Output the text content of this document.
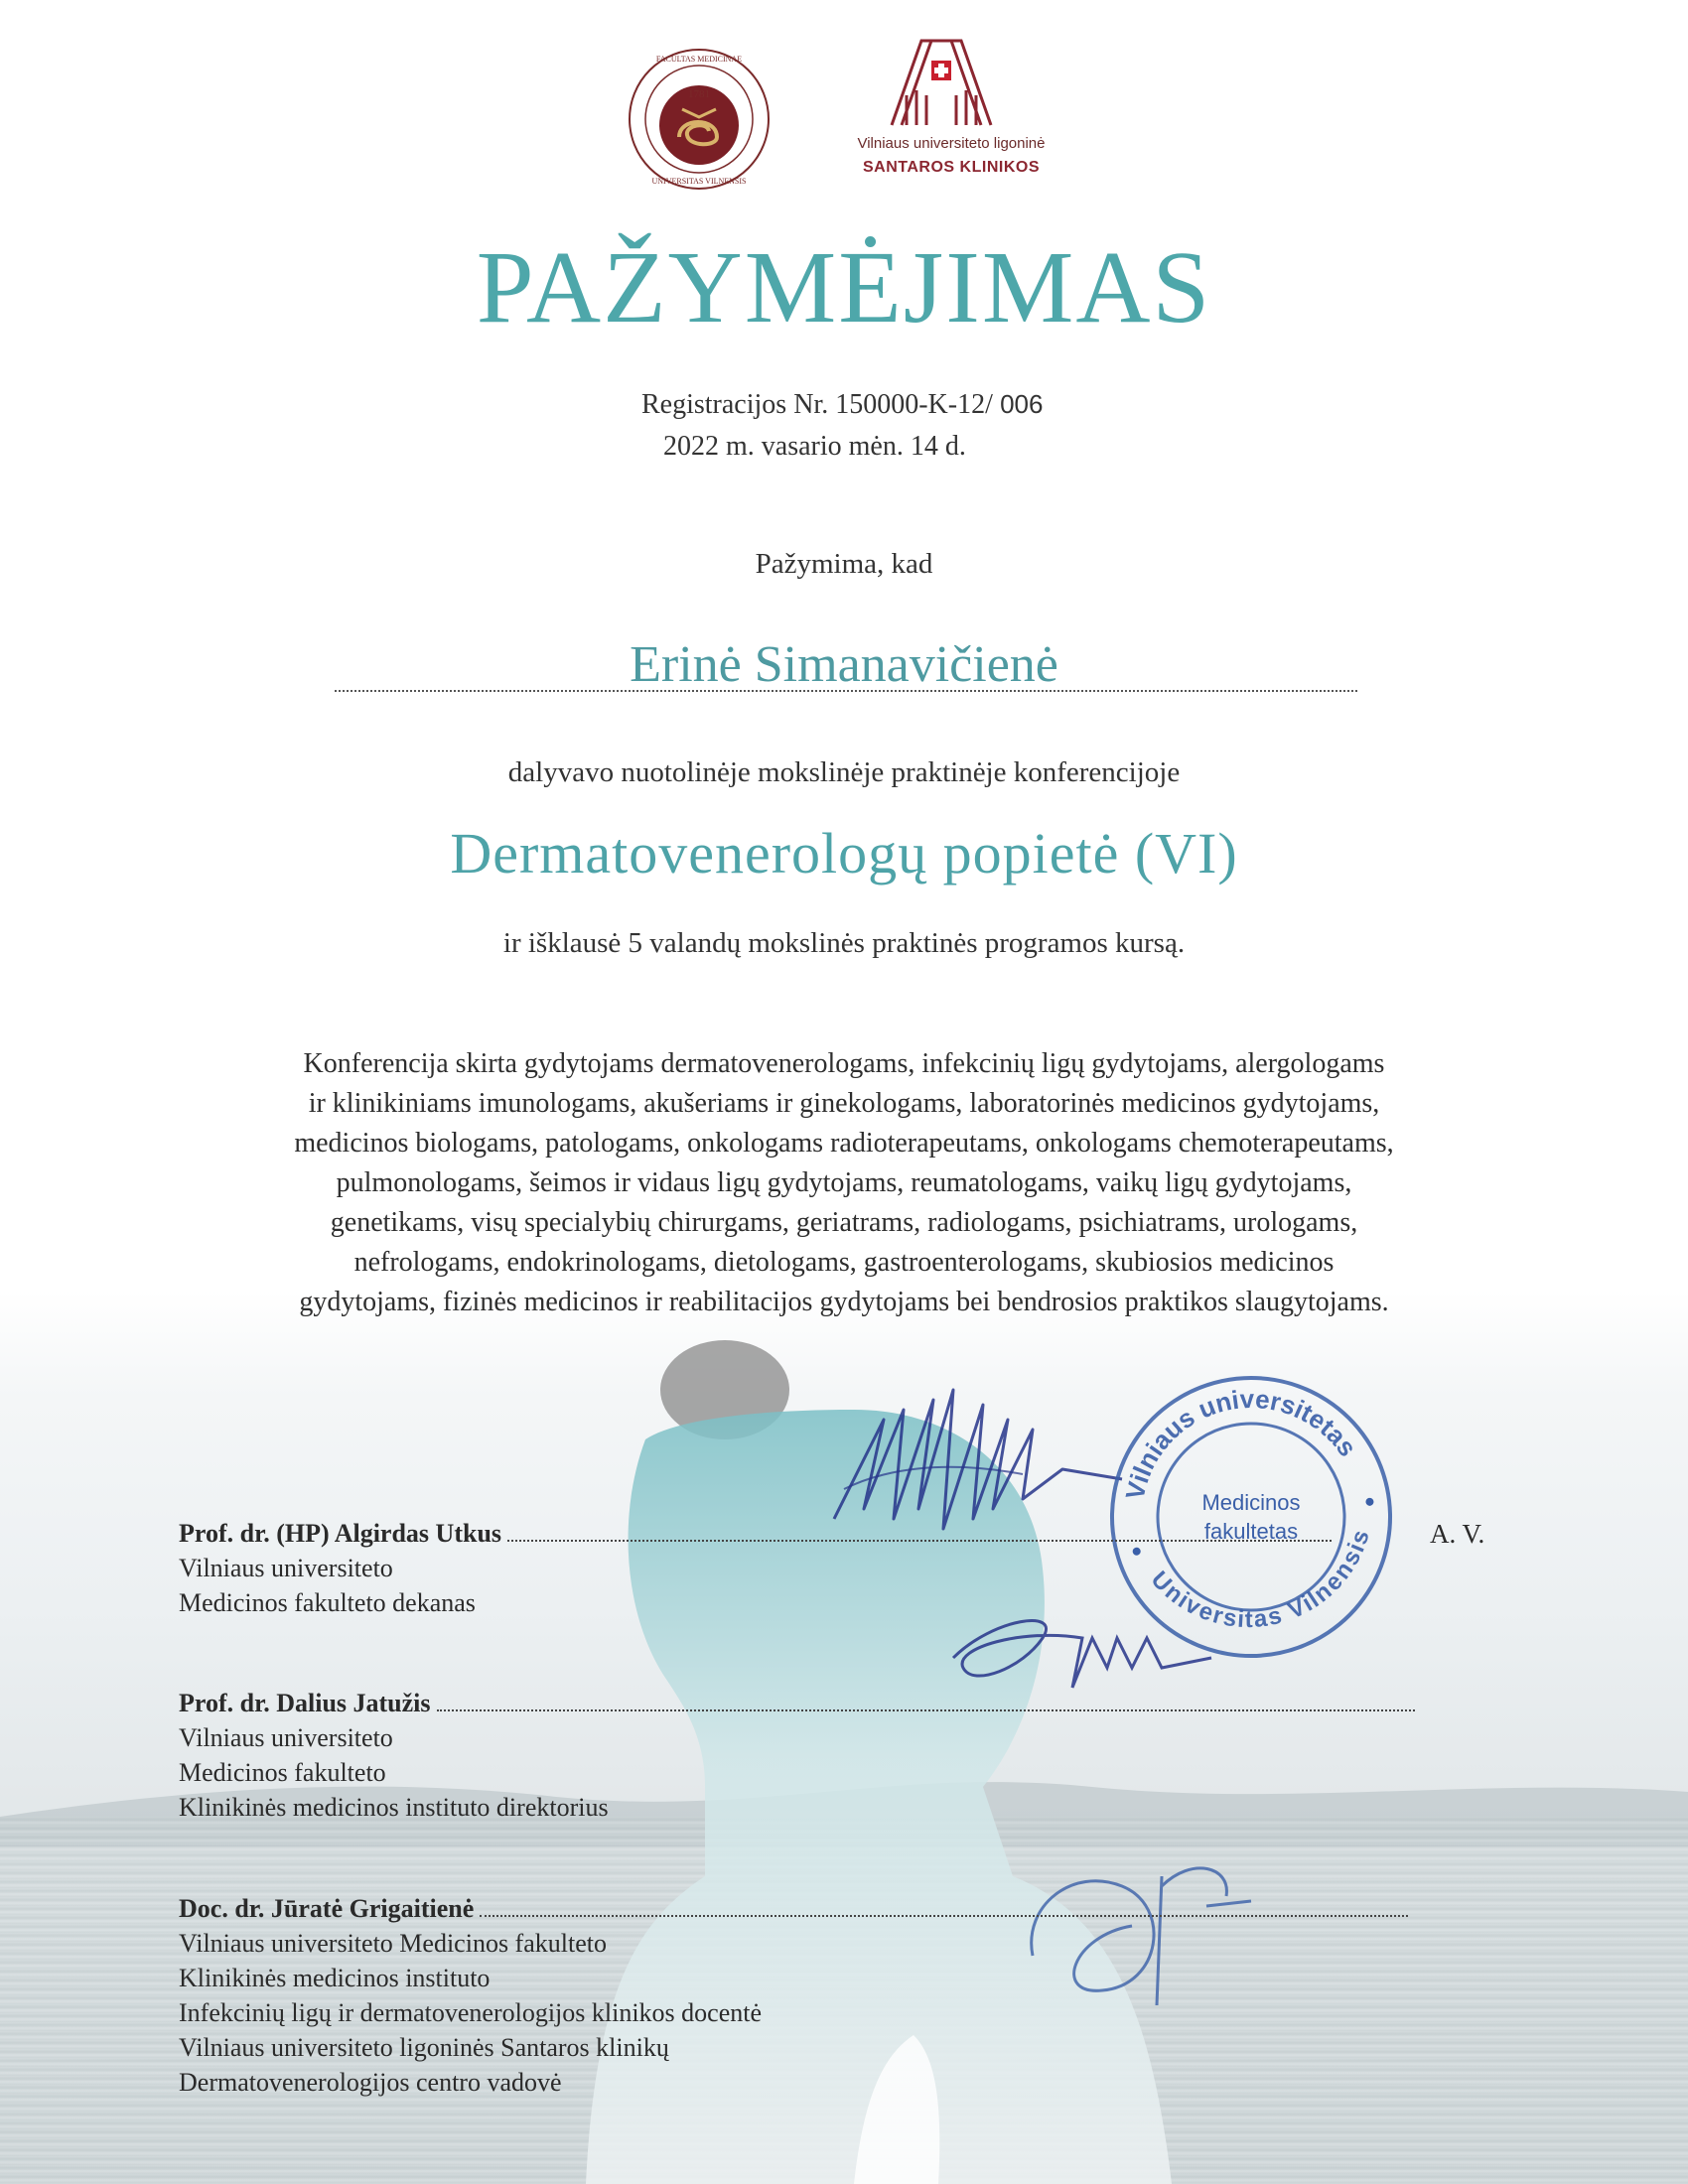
1781
FACULTAS MEDICINAE
UNIVERSITAS VILNENSIS
Vilniaus universiteto ligoninė
SANTAROS KLINIKOS
PAŽYMĖJIMAS
Registracijos Nr. 150000-K-12/ 006
2022 m. vasario mėn. 14 d.
Pažymima, kad
Erinė Simanavičienė
dalyvavo nuotolinėje mokslinėje praktinėje konferencijoje
Dermatovenerologų popietė (VI)
ir išklausė 5 valandų mokslinės praktinės programos kursą.
Konferencija skirta gydytojams dermatovenerologams, infekcinių ligų gydytojams, alergologams
ir klinikiniams imunologams, akušeriams ir ginekologams, laboratorinės medicinos gydytojams,
medicinos biologams, patologams, onkologams radioterapeutams, onkologams chemoterapeutams,
pulmonologams, šeimos ir vidaus ligų gydytojams, reumatologams, vaikų ligų gydytojams,
genetikams, visų specialybių chirurgams, geriatrams, radiologams, psichiatrams, urologams,
nefrologams, endokrinologams, dietologams, gastroenterologams, skubiosios medicinos
gydytojams, fizinės medicinos ir reabilitacijos gydytojams bei bendrosios praktikos slaugytojams.
Vilniaus universitetas
Universitas Vilnensis
Medicinos
fakultetas
Prof. dr. (HP) Algirdas Utkus
Vilniaus universiteto
Medicinos fakulteto dekanas
A. V.
Prof. dr. Dalius Jatužis
Vilniaus universiteto
Medicinos fakulteto
Klinikinės medicinos instituto direktorius
Doc. dr. Jūratė Grigaitienė
Vilniaus universiteto Medicinos fakulteto
Klinikinės medicinos instituto
Infekcinių ligų ir dermatovenerologijos klinikos docentė
Vilniaus universiteto ligoninės Santaros klinikų
Dermatovenerologijos centro vadovė
